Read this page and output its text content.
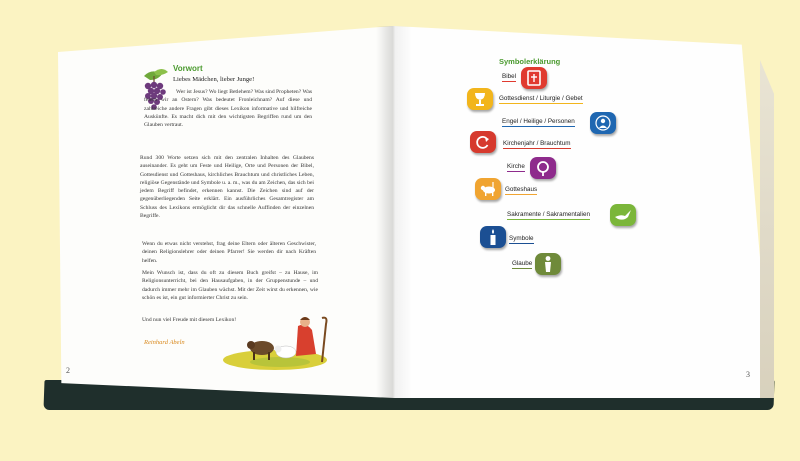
Vorwort
Liebes Mädchen, lieber Junge!
Wer ist Jesus? Wo liegt Betlehem? Was sind Propheten? Was feiern wir an Ostern? Was bedeutet Fronleichnam? Auf diese und zahlreiche andere Fragen gibt dieses Lexikon informative und hilfreiche Auskünfte. Es macht dich mit den wichtigsten Begriffen rund um den Glauben vertraut.
Rund 300 Worte setzen sich mit den zentralen Inhalten des Glaubens auseinander. Es geht um Feste und Heilige, Orte und Personen der Bibel, Gottesdienst und Gotteshaus, kirchliches Brauchtum und christliches Leben, religiöse Gegenstände und Symbole u. a. m., was du am Zeichen, das sich bei jedem Begriff befindet, erkennen kannst. Die Zeichen sind auf der gegenüberliegenden Seite erklärt. Ein ausführliches Gesamtregister am Schluss des Lexikons ermöglicht dir das schnelle Auffinden der einzelnen Begriffe.
Wenn du etwas nicht verstehst, frag deine Eltern oder älteren Geschwister, deinen Religionslehrer oder deinen Pfarrer! Sie werden dir nach Kräften helfen.
Mein Wunsch ist, dass du oft zu diesem Buch greifst – zu Hause, im Religionsunterricht, bei den Hausaufgaben, in der Gruppenstunde – und dadurch immer mehr im Glauben wächst. Mit der Zeit wirst du erkennen, wie schön es ist, ein gut informierter Christ zu sein.
Und nun viel Freude mit diesem Lexikon!
Reinhard Abeln
2
Symbolerklärung
Bibel
Gottesdienst / Liturgie / Gebet
Engel / Heilige / Personen
Kirchenjahr / Brauchtum
Kirche
Gotteshaus
Sakramente / Sakramentalien
Symbole
Glaube
3
